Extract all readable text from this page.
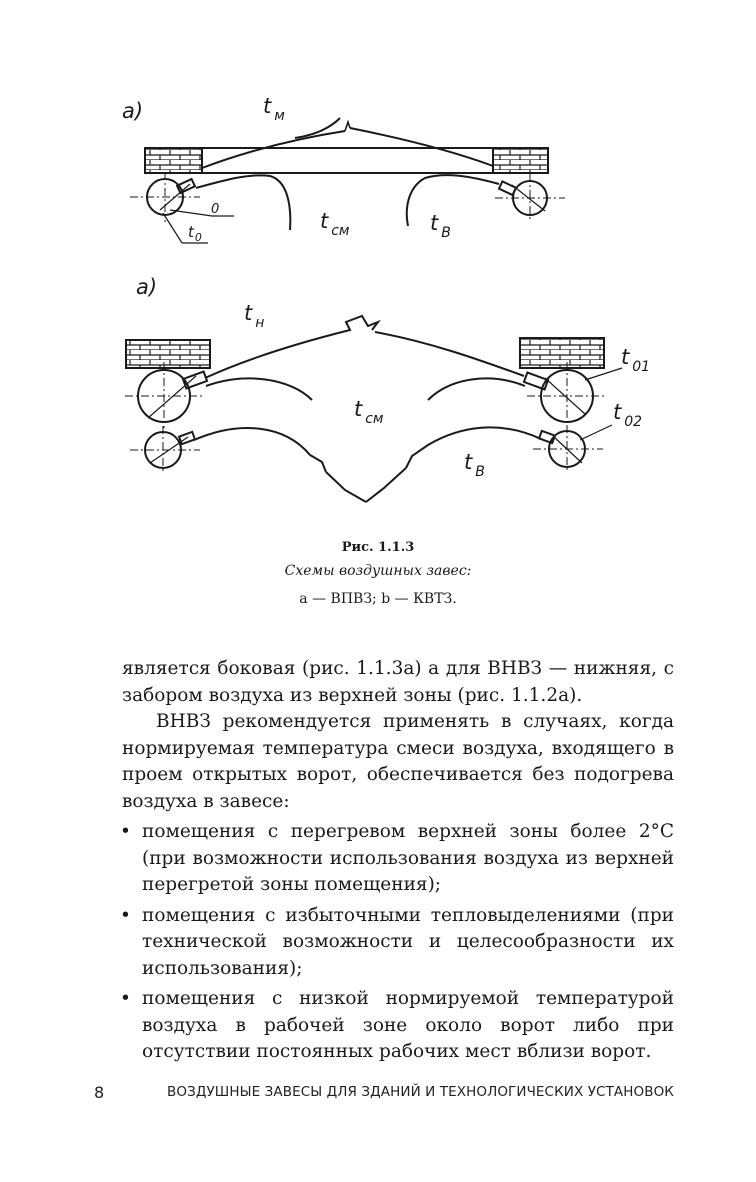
a)	t $_м$
t $_{см}$	t $_В$
0
$t_0$
a)
t $_н$
t $_{см}$
t $_В$
t $_{01}$
t $_{02}$
Рис. 1.1.3
Схемы воздушных завес:
a — ВПВЗ; b — КВТЗ.

является боковая (рис. 1.1.3a) а для ВНВЗ — нижняя, с забором воздуха из верхней зоны (рис. 1.1.2a).

ВНВЗ рекомендуется применять в случаях, когда нормируемая температура смеси воздуха, входящего в проем открытых ворот, обеспечивается без подогрева воздуха в завесе:

• помещения с перегревом верхней зоны более 2°С (при возможности использования воздуха из верхней перегретой зоны помещения);
• помещения с избыточными тепловыделениями (при технической возможности и целесообразности их использования);
• помещения с низкой нормируемой температурой воздуха в рабочей зоне около ворот либо при отсутствии постоянных рабочих мест вблизи ворот.
8	ВОЗДУШНЫЕ ЗАВЕСЫ ДЛЯ ЗДАНИЙ И ТЕХНОЛОГИЧЕСКИХ УСТАНОВОК
